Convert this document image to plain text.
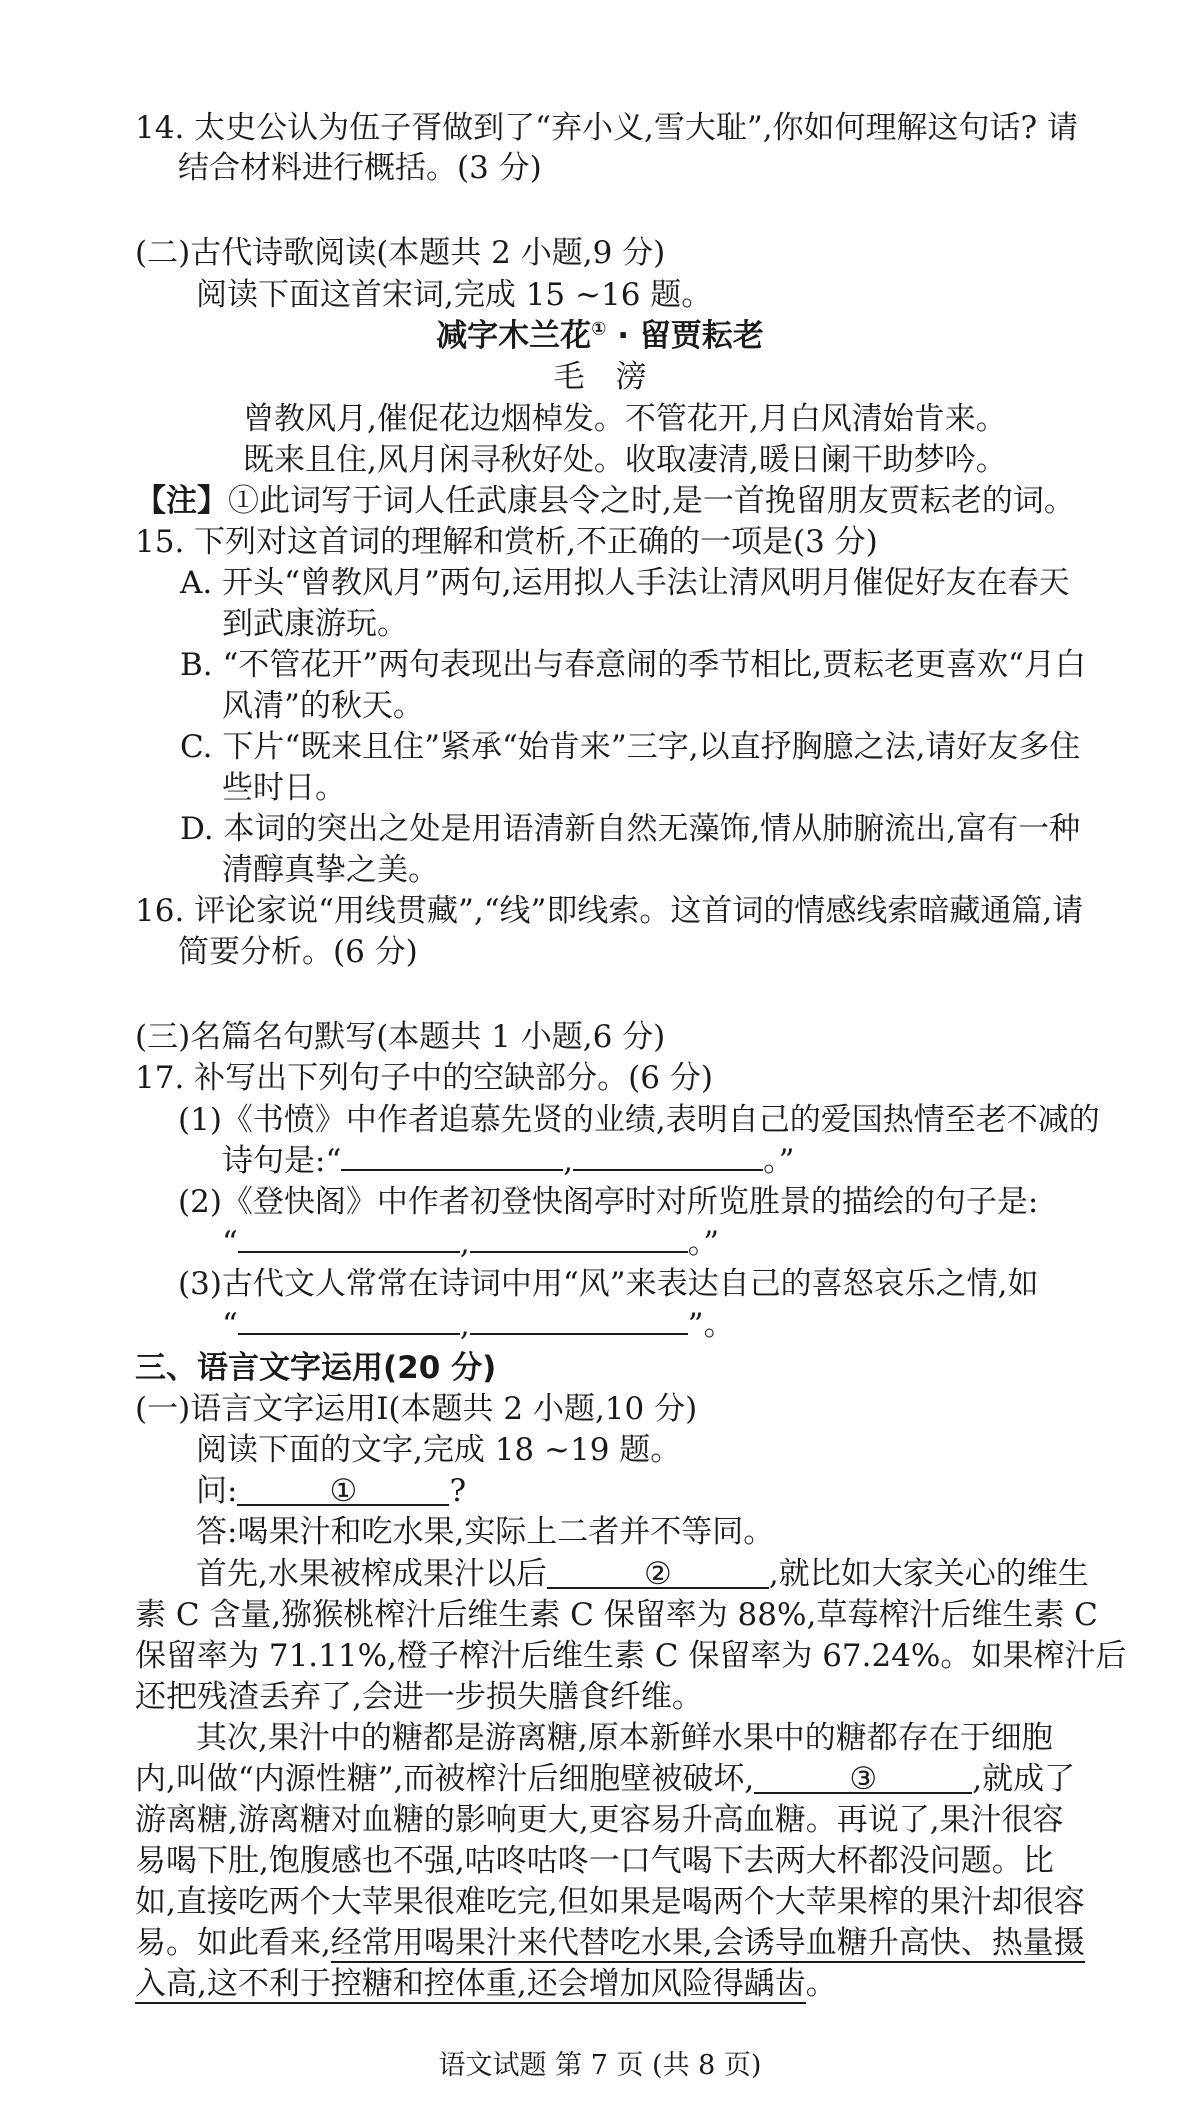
14. 太史公认为伍子胥做到了“弃小义,雪大耻”,你如何理解这句话? 请
结合材料进行概括。(3 分)
(二)古代诗歌阅读(本题共 2 小题,9 分)
阅读下面这首宋词,完成 15 ~16 题。
减字木兰花① · 留贾耘老
毛　滂
曾教风月,催促花边烟棹发。不管花开,月白风清始肯来。
既来且住,风月闲寻秋好处。收取凄清,暖日阑干助梦吟。
【注】①此词写于词人任武康县令之时,是一首挽留朋友贾耘老的词。
15. 下列对这首词的理解和赏析,不正确的一项是(3 分)
A. 开头“曾教风月”两句,运用拟人手法让清风明月催促好友在春天
到武康游玩。
B. “不管花开”两句表现出与春意闹的季节相比,贾耘老更喜欢“月白
风清”的秋天。
C. 下片“既来且住”紧承“始肯来”三字,以直抒胸臆之法,请好友多住
些时日。
D. 本词的突出之处是用语清新自然无藻饰,情从肺腑流出,富有一种
清醇真挚之美。
16. 评论家说“用线贯藏”,“线”即线索。这首词的情感线索暗藏通篇,请
简要分析。(6 分)
(三)名篇名句默写(本题共 1 小题,6 分)
17. 补写出下列句子中的空缺部分。(6 分)
(1)《书愤》中作者追慕先贤的业绩,表明自己的爱国热情至老不减的
诗句是:“	,	。”
(2)《登快阁》中作者初登快阁亭时对所览胜景的描绘的句子是:
“	,	。”
(3)古代文人常常在诗词中用“风”来表达自己的喜怒哀乐之情,如
“	,	”。
三、语言文字运用(20 分)
(一)语言文字运用Ⅰ(本题共 2 小题,10 分)
阅读下面的文字,完成 18 ~19 题。
问:	①	?
答:喝果汁和吃水果,实际上二者并不等同。
首先,水果被榨成果汁以后	②	,就比如大家关心的维生
素 C 含量,猕猴桃榨汁后维生素 C 保留率为 88%,草莓榨汁后维生素 C
保留率为 71.11%,橙子榨汁后维生素 C 保留率为 67.24%。如果榨汁后
还把残渣丢弃了,会进一步损失膳食纤维。
其次,果汁中的糖都是游离糖,原本新鲜水果中的糖都存在于细胞
内,叫做“内源性糖”,而被榨汁后细胞壁被破坏,	③	,就成了
游离糖,游离糖对血糖的影响更大,更容易升高血糖。再说了,果汁很容
易喝下肚,饱腹感也不强,咕咚咕咚一口气喝下去两大杯都没问题。比
如,直接吃两个大苹果很难吃完,但如果是喝两个大苹果榨的果汁却很容
易。如此看来,经常用喝果汁来代替吃水果,会诱导血糖升高快、热量摄
入高,这不利于控糖和控体重,还会增加风险得龋齿。
语文试题 第 7 页 (共 8 页)
